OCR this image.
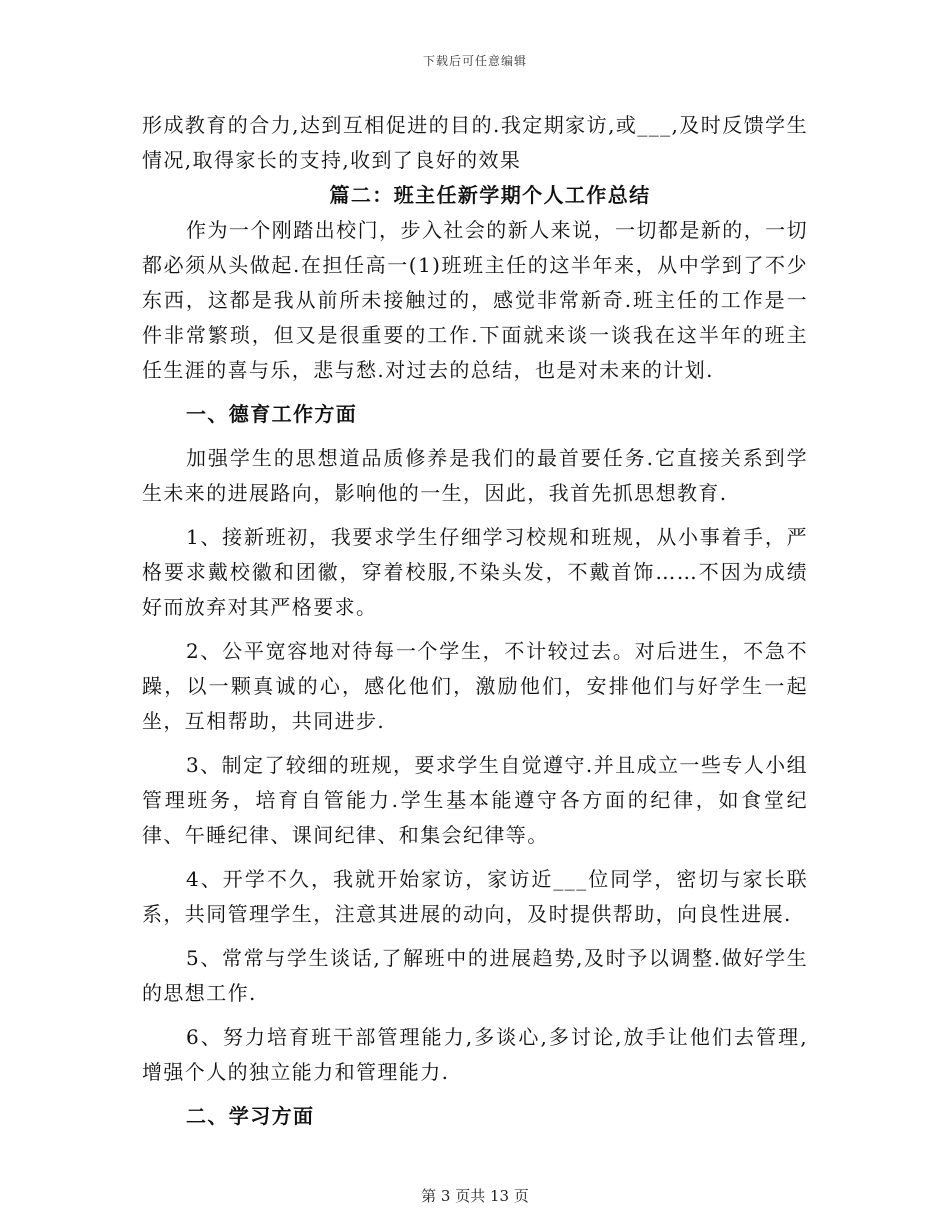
下载后可任意编辑

形成教育的合力,达到互相促进的目的.我定期家访,或___,及时反馈学生情况,取得家长的支持,收到了良好的效果

篇二：班主任新学期个人工作总结

作为一个刚踏出校门，步入社会的新人来说，一切都是新的，一切都必须从头做起.在担任高一(1)班班主任的这半年来，从中学到了不少东西，这都是我从前所未接触过的，感觉非常新奇.班主任的工作是一件非常繁琐，但又是很重要的工作.下面就来谈一谈我在这半年的班主任生涯的喜与乐，悲与愁.对过去的总结，也是对未来的计划.

一、德育工作方面

加强学生的思想道品质修养是我们的最首要任务.它直接关系到学生未来的进展路向，影响他的一生，因此，我首先抓思想教育.

1、接新班初，我要求学生仔细学习校规和班规，从小事着手，严格要求戴校徽和团徽，穿着校服,不染头发，不戴首饰……不因为成绩好而放弃对其严格要求。

2、公平宽容地对待每一个学生，不计较过去。对后进生，不急不躁，以一颗真诚的心，感化他们，激励他们，安排他们与好学生一起坐，互相帮助，共同进步.

3、制定了较细的班规，要求学生自觉遵守.并且成立一些专人小组管理班务，培育自管能力.学生基本能遵守各方面的纪律，如食堂纪律、午睡纪律、课间纪律、和集会纪律等。

4、开学不久，我就开始家访，家访近___位同学，密切与家长联系，共同管理学生，注意其进展的动向，及时提供帮助，向良性进展.

5、常常与学生谈话,了解班中的进展趋势,及时予以调整.做好学生的思想工作.

6、努力培育班干部管理能力,多谈心,多讨论,放手让他们去管理,增强个人的独立能力和管理能力.

二、学习方面

第 3 页共 13 页
